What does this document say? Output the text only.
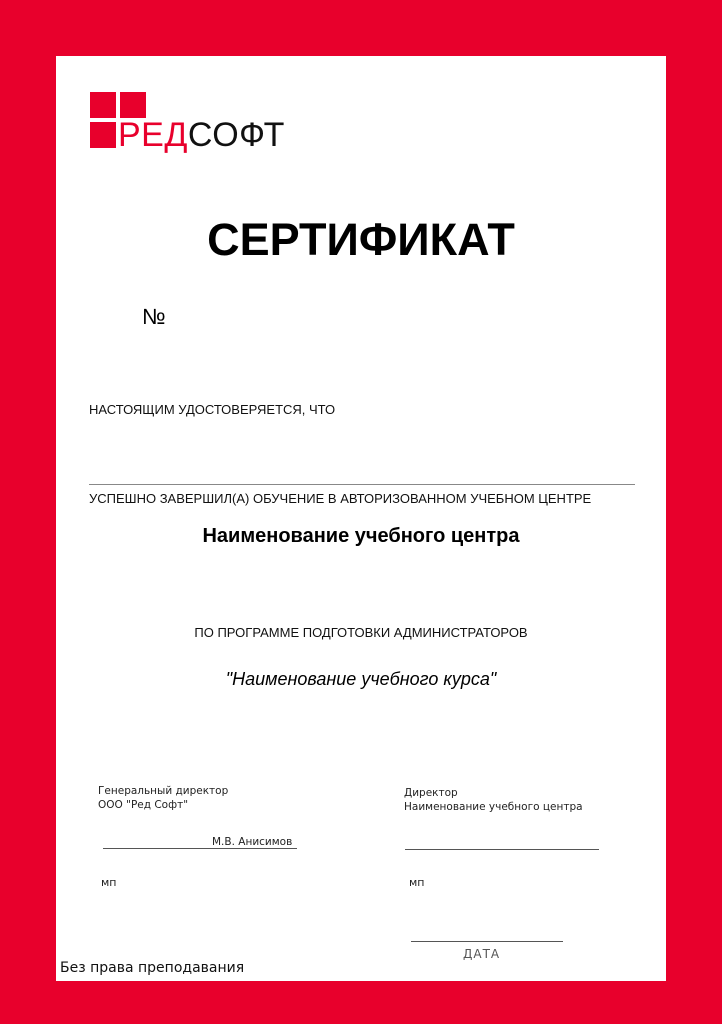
РЕДСОФТ
СЕРТИФИКАТ
№
НАСТОЯЩИМ УДОСТОВЕРЯЕТСЯ, ЧТО
УСПЕШНО ЗАВЕРШИЛ(А) ОБУЧЕНИЕ В АВТОРИЗОВАННОМ УЧЕБНОМ ЦЕНТРЕ
Наименование учебного центра
ПО ПРОГРАММЕ ПОДГОТОВКИ АДМИНИСТРАТОРОВ
"Наименование учебного курса"
Генеральный директор
ООО "Ред Софт"
М.В. Анисимов
мп
Директор
Наименование учебного центра
мп
ДАТА
Без права преподавания
